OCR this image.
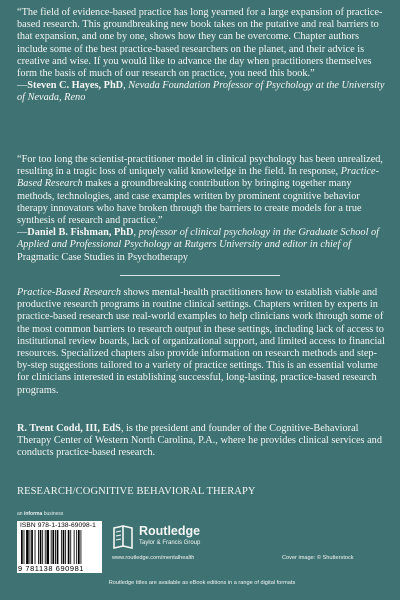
“The field of evidence-based practice has long yearned for a large expansion of practice-based research. This groundbreaking new book takes on the putative and real barriers to that expansion, and one by one, shows how they can be overcome. Chapter authors include some of the best practice-based researchers on the planet, and their advice is creative and wise. If you would like to advance the day when practitioners themselves form the basis of much of our research on practice, you need this book.”
—Steven C. Hayes, PhD, Nevada Foundation Professor of Psychology at the University of Nevada, Reno
“For too long the scientist-practitioner model in clinical psychology has been unrealized, resulting in a tragic loss of uniquely valid knowledge in the field. In response, Practice-Based Research makes a groundbreaking contribution by bringing together many methods, technologies, and case examples written by prominent cognitive behavior therapy innovators who have broken through the barriers to create models for a true synthesis of research and practice.”
—Daniel B. Fishman, PhD, professor of clinical psychology in the Graduate School of Applied and Professional Psychology at Rutgers University and editor in chief of Pragmatic Case Studies in Psychotherapy
Practice-Based Research shows mental-health practitioners how to establish viable and productive research programs in routine clinical settings. Chapters written by experts in practice-based research use real-world examples to help clinicians work through some of the most common barriers to research output in these settings, including lack of access to institutional review boards, lack of organizational support, and limited access to financial resources. Specialized chapters also provide information on research methods and step-by-step suggestions tailored to a variety of practice settings. This is an essential volume for clinicians interested in establishing successful, long-lasting, practice-based research programs.
R. Trent Codd, III, EdS, is the president and founder of the Cognitive-Behavioral Therapy Center of Western North Carolina, P.A., where he provides clinical services and conducts practice-based research.
RESEARCH/COGNITIVE BEHAVIORAL THERAPY
an informa business
ISBN 978-1-138-69098-1
9 781138 690981
Routledge
Taylor & Francis Group
www.routledge.com/mentalhealth	Cover image: © Shutterstock
Routledge titles are available as eBook editions in a range of digital formats
